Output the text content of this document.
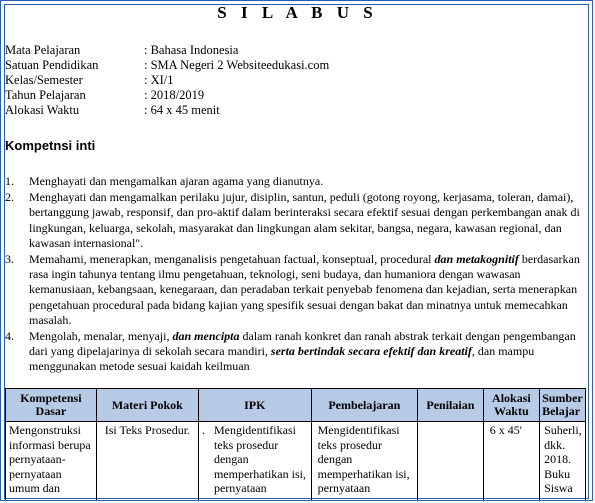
S I L A B U S
Mata Pelajaran	: Bahasa Indonesia
Satuan Pendidikan	: SMA Negeri 2 Websiteedukasi.com
Kelas/Semester	: XI/1
Tahun Pelajaran	: 2018/2019
Alokasi Waktu	: 64 x 45 menit
Kompetnsi inti
1.	Menghayati dan mengamalkan ajaran agama yang dianutnya.
2.	Menghayati dan mengamalkan perilaku jujur, disiplin, santun, peduli (gotong royong, kerjasama, toleran, damai), bertanggung jawab, responsif, dan pro-aktif dalam berinteraksi secara efektif sesuai dengan perkembangan anak di lingkungan, keluarga, sekolah, masyarakat dan lingkungan alam sekitar, bangsa, negara, kawasan regional, dan kawasan internasional".
3.	Memahami, menerapkan, menganalisis pengetahuan factual, konseptual, procedural dan metakognitif berdasarkan rasa ingin tahunya tentang ilmu pengetahuan, teknologi, seni budaya, dan humaniora dengan wawasan kemanusiaan, kebangsaan, kenegaraan, dan peradaban terkait penyebab fenomena dan kejadian, serta menerapkan pengetahuan procedural pada bidang kajian yang spesifik sesuai dengan bakat dan minatnya untuk memecahkan masalah.
4.	Mengolah, menalar, menyaji, dan mencipta dalam ranah konkret dan ranah abstrak terkait dengan pengembangan dari yang dipelajarinya di sekolah secara mandiri, serta bertindak secara efektif dan kreatif, dan mampu menggunakan metode sesuai kaidah keilmuan
Kompetensi Dasar	Materi Pokok	IPK	Pembelajaran	Penilaian	Alokasi Waktu	Sumber Belajar

Mengonstruksi informasi berupa pernyataan-pernyataan umum dan	Isi Teks Prosedur.	. Mengidentifikasi teks prosedur dengan memperhatikan isi, pernyataan	Mengidentifikasi teks prosedur dengan memperhatikan isi, pernyataan		6 x 45'	Suherli, dkk. 2018. Buku Siswa
